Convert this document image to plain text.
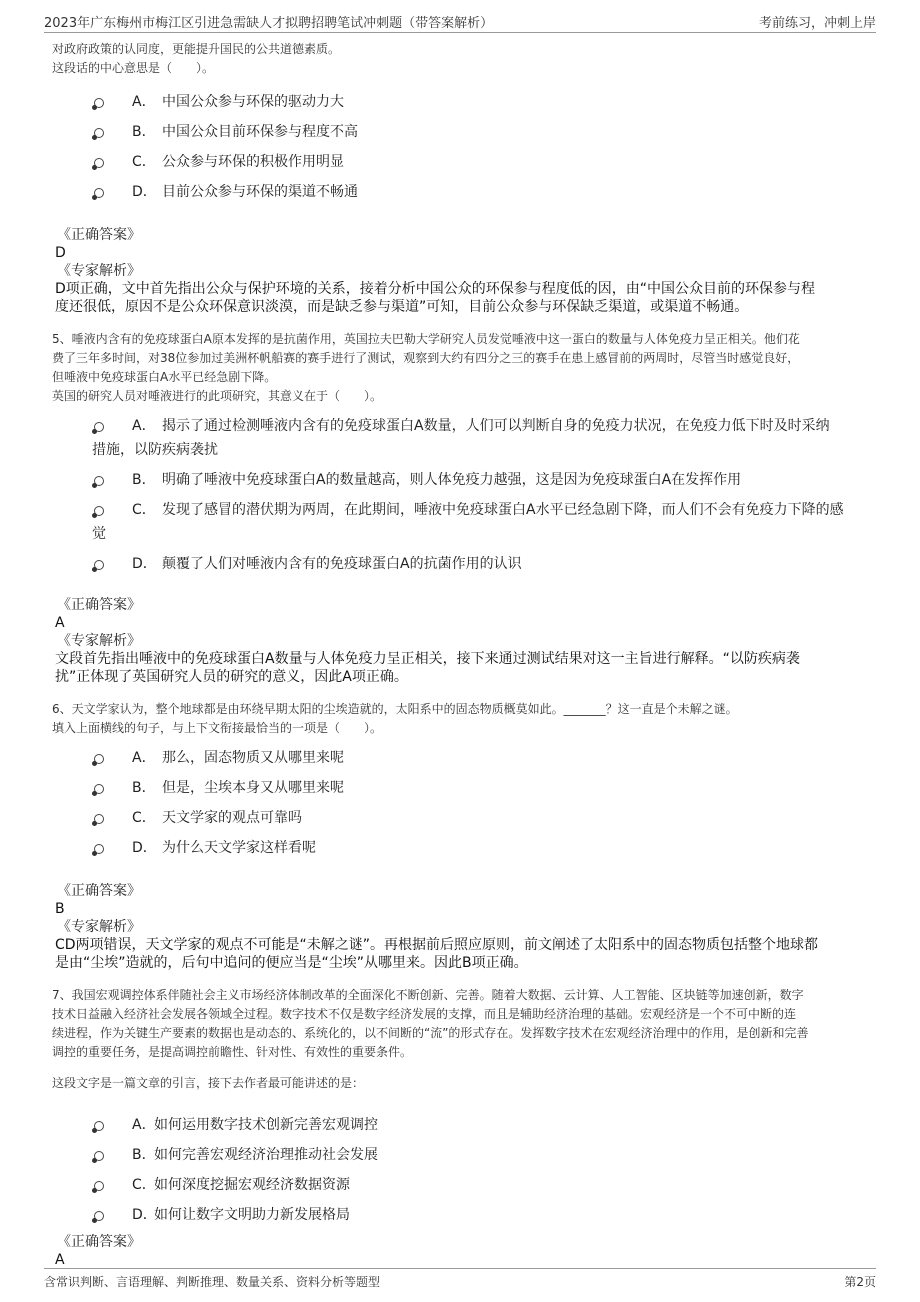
2023年广东梅州市梅江区引进急需缺人才拟聘招聘笔试冲刺题（带答案解析）	考前练习，冲刺上岸

对政府政策的认同度，更能提升国民的公共道德素质。

这段话的中心意思是（　　）。

A． 中国公众参与环保的驱动力大
B． 中国公众目前环保参与程度不高
C． 公众参与环保的积极作用明显
D． 目前公众参与环保的渠道不畅通

《正确答案》

D

《专家解析》

D项正确，文中首先指出公众与保护环境的关系，接着分析中国公众的环保参与程度低的因，由“中国公众目前的环保参与程

度还很低，原因不是公众环保意识淡漠，而是缺乏参与渠道”可知，目前公众参与环保缺乏渠道，或渠道不畅通。

5、唾液内含有的免疫球蛋白A原本发挥的是抗菌作用，英国拉夫巴勒大学研究人员发觉唾液中这一蛋白的数量与人体免疫力呈正相关。他们花

费了三年多时间，对38位参加过美洲杯帆船赛的赛手进行了测试，观察到大约有四分之三的赛手在患上感冒前的两周时，尽管当时感觉良好，

但唾液中免疫球蛋白A水平已经急剧下降。

英国的研究人员对唾液进行的此项研究，其意义在于（　　）。

A． 揭示了通过检测唾液内含有的免疫球蛋白A数量，人们可以判断自身的免疫力状况，在免疫力低下时及时采纳
措施，以防疾病袭扰
B． 明确了唾液中免疫球蛋白A的数量越高，则人体免疫力越强，这是因为免疫球蛋白A在发挥作用
C． 发现了感冒的潜伏期为两周，在此期间，唾液中免疫球蛋白A水平已经急剧下降，而人们不会有免疫力下降的感
觉
D． 颠覆了人们对唾液内含有的免疫球蛋白A的抗菌作用的认识

《正确答案》

A

《专家解析》

文段首先指出唾液中的免疫球蛋白A数量与人体免疫力呈正相关，接下来通过测试结果对这一主旨进行解释。“以防疾病袭

扰”正体现了英国研究人员的研究的意义，因此A项正确。

6、天文学家认为，整个地球都是由环绕早期太阳的尘埃造就的，太阳系中的固态物质概莫如此。_______？这一直是个未解之谜。

填入上面横线的句子，与上下文衔接最恰当的一项是（　　）。

A． 那么，固态物质又从哪里来呢
B． 但是，尘埃本身又从哪里来呢
C． 天文学家的观点可靠吗
D． 为什么天文学家这样看呢

《正确答案》

B

《专家解析》

CD两项错误，天文学家的观点不可能是“未解之谜”。再根据前后照应原则，前文阐述了太阳系中的固态物质包括整个地球都

是由“尘埃”造就的，后句中追问的便应当是“尘埃”从哪里来。因此B项正确。

7、我国宏观调控体系伴随社会主义市场经济体制改革的全面深化不断创新、完善。随着大数据、云计算、人工智能、区块链等加速创新，数字

技术日益融入经济社会发展各领域全过程。数字技术不仅是数字经济发展的支撑，而且是辅助经济治理的基础。宏观经济是一个不可中断的连

续进程，作为关键生产要素的数据也是动态的、系统化的，以不间断的“流”的形式存在。发挥数字技术在宏观经济治理中的作用，是创新和完善

调控的重要任务，是提高调控前瞻性、针对性、有效性的重要条件。

这段文字是一篇文章的引言，接下去作者最可能讲述的是：

A．如何运用数字技术创新完善宏观调控
B．如何完善宏观经济治理推动社会发展
C．如何深度挖掘宏观经济数据资源
D．如何让数字文明助力新发展格局

《正确答案》

A

含常识判断、言语理解、判断推理、数量关系、资料分析等题型	第2页
